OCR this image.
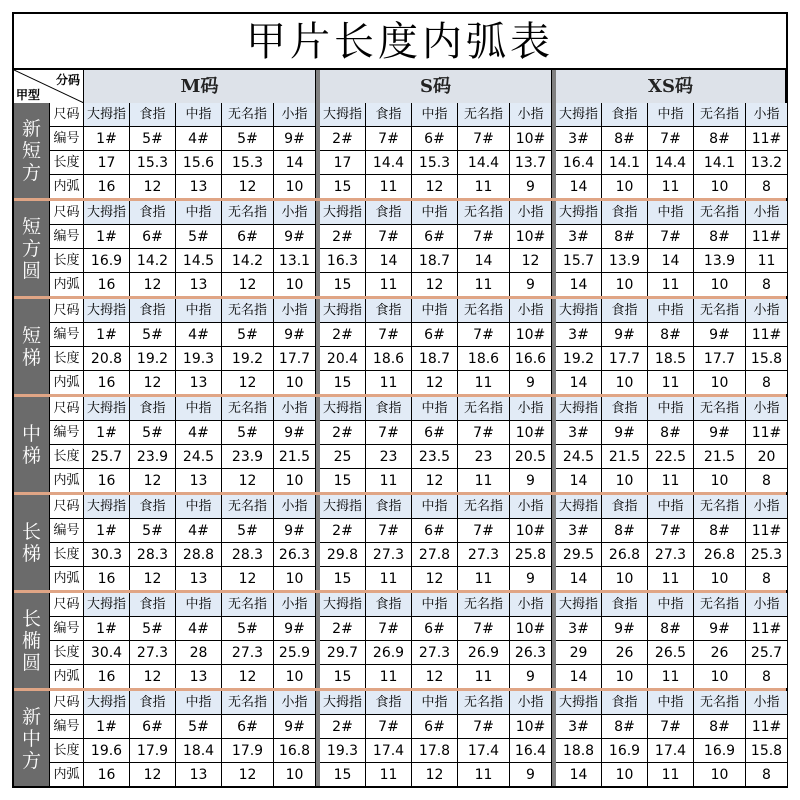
甲片长度内弧表
分码
甲型	M码	S码	XS码
新短方
尺码 大拇指	食指	中指	无名指	小指	大拇指	食指	中指	无名指	小指	大拇指	食指	中指	无名指	小指
编号	1#	5#	4#	5#	9#	2#	7#	6#	7#	10#	3#	8#	7#	8#	11#
长度	17	15.3	15.6	15.3	14	17	14.4	15.3	14.4	13.7	16.4	14.1	14.4	14.1	13.2
内弧	16	12	13	12	10	15	11	12	11	9	14	10	11	10	8
短方圆
尺码 大拇指	食指	中指	无名指	小指	大拇指	食指	中指	无名指	小指	大拇指	食指	中指	无名指	小指
编号	1#	6#	5#	6#	9#	2#	7#	6#	7#	10#	3#	8#	7#	8#	11#
长度 16.9	14.2	14.5	14.2	13.1	16.3	14	18.7	14	12	15.7	13.9	14	13.9	11
内弧	16	12	13	12	10	15	11	12	11	9	14	10	11	10	8
短梯
尺码 大拇指	食指	中指	无名指	小指	大拇指	食指	中指	无名指	小指	大拇指	食指	中指	无名指	小指
编号	1#	5#	4#	5#	9#	2#	7#	6#	7#	10#	3#	9#	8#	9#	11#
长度 20.8	19.2	19.3	19.2	17.7	20.4	18.6	18.7	18.6	16.6	19.2	17.7	18.5	17.7	15.8
内弧	16	12	13	12	10	15	11	12	11	9	14	10	11	10	8
中梯
尺码 大拇指	食指	中指	无名指	小指	大拇指	食指	中指	无名指	小指	大拇指	食指	中指	无名指	小指
编号	1#	5#	4#	5#	9#	2#	7#	6#	7#	10#	3#	9#	8#	9#	11#
长度 25.7	23.9	24.5	23.9	21.5	25	23	23.5	23	20.5	24.5	21.5	22.5	21.5	20
内弧	16	12	13	12	10	15	11	12	11	9	14	10	11	10	8
长梯
尺码 大拇指	食指	中指	无名指	小指	大拇指	食指	中指	无名指	小指	大拇指	食指	中指	无名指	小指
编号	1#	5#	4#	5#	9#	2#	7#	6#	7#	10#	3#	8#	7#	8#	11#
长度 30.3	28.3	28.8	28.3	26.3	29.8	27.3	27.8	27.3	25.8	29.5	26.8	27.3	26.8	25.3
内弧	16	12	13	12	10	15	11	12	11	9	14	10	11	10	8
长椭圆
尺码 大拇指	食指	中指	无名指	小指	大拇指	食指	中指	无名指	小指	大拇指	食指	中指	无名指	小指
编号	1#	5#	4#	5#	9#	2#	7#	6#	7#	10#	3#	9#	8#	9#	11#
长度 30.4	27.3	28	27.3	25.9	29.7	26.9	27.3	26.9	26.3	29	26	26.5	26	25.7
内弧	16	12	13	12	10	15	11	12	11	9	14	10	11	10	8
新中方
尺码 大拇指	食指	中指	无名指	小指	大拇指	食指	中指	无名指	小指	大拇指	食指	中指	无名指	小指
编号	1#	6#	5#	6#	9#	2#	7#	6#	7#	10#	3#	8#	7#	8#	11#
长度 19.6	17.9	18.4	17.9	16.8	19.3	17.4	17.8	17.4	16.4	18.8	16.9	17.4	16.9	15.8
内弧	16	12	13	12	10	15	11	12	11	9	14	10	11	10	8
